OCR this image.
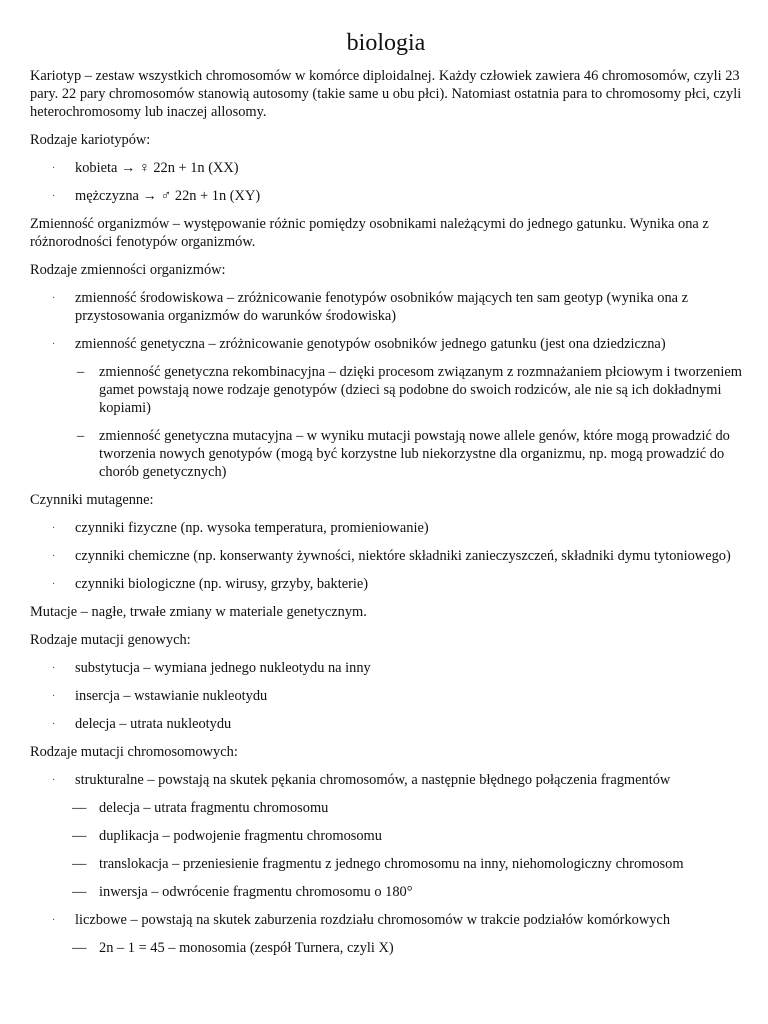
biologia

Kariotyp – zestaw wszystkich chromosomów w komórce diploidalnej. Każdy człowiek zawiera 46 chromosomów, czyli 23 pary. 22 pary chromosomów stanowią autosomy (takie same u obu płci). Natomiast ostatnia para to chromosomy płci, czyli heterochromosomy lub inaczej allosomy.

Rodzaje kariotypów:

· kobieta → ♀ 22n + 1n (XX)
· mężczyzna → ♂ 22n + 1n (XY)

Zmienność organizmów – występowanie różnic pomiędzy osobnikami należącymi do jednego gatunku. Wynika ona z różnorodności fenotypów organizmów.

Rodzaje zmienności organizmów:

· zmienność środowiskowa – zróżnicowanie fenotypów osobników mających ten sam geotyp (wynika ona z przystosowania organizmów do warunków środowiska)
· zmienność genetyczna – zróżnicowanie genotypów osobników jednego gatunku (jest ona dziedziczna)
– zmienność genetyczna rekombinacyjna – dzięki procesom związanym z rozmnażaniem płciowym i tworzeniem gamet powstają nowe rodzaje genotypów (dzieci są podobne do swoich rodziców, ale nie są ich dokładnymi kopiami)
– zmienność genetyczna mutacyjna – w wyniku mutacji powstają nowe allele genów, które mogą prowadzić do tworzenia nowych genotypów (mogą być korzystne lub niekorzystne dla organizmu, np. mogą prowadzić do chorób genetycznych)

Czynniki mutagenne:

· czynniki fizyczne (np. wysoka temperatura, promieniowanie)
· czynniki chemiczne (np. konserwanty żywności, niektóre składniki zanieczyszczeń, składniki dymu tytoniowego)
· czynniki biologiczne (np. wirusy, grzyby, bakterie)

Mutacje – nagłe, trwałe zmiany w materiale genetycznym.

Rodzaje mutacji genowych:

· substytucja – wymiana jednego nukleotydu na inny
· insercja – wstawianie nukleotydu
· delecja – utrata nukleotydu

Rodzaje mutacji chromosomowych:

· strukturalne – powstają na skutek pękania chromosomów, a następnie błędnego połączenia fragmentów
— delecja – utrata fragmentu chromosomu
— duplikacja – podwojenie fragmentu chromosomu
— translokacja – przeniesienie fragmentu z jednego chromosomu na inny, niehomologiczny chromosom
— inwersja – odwrócenie fragmentu chromosomu o 180°
· liczbowe – powstają na skutek zaburzenia rozdziału chromosomów w trakcie podziałów komórkowych
— 2n – 1 = 45 – monosomia (zespół Turnera, czyli X)
